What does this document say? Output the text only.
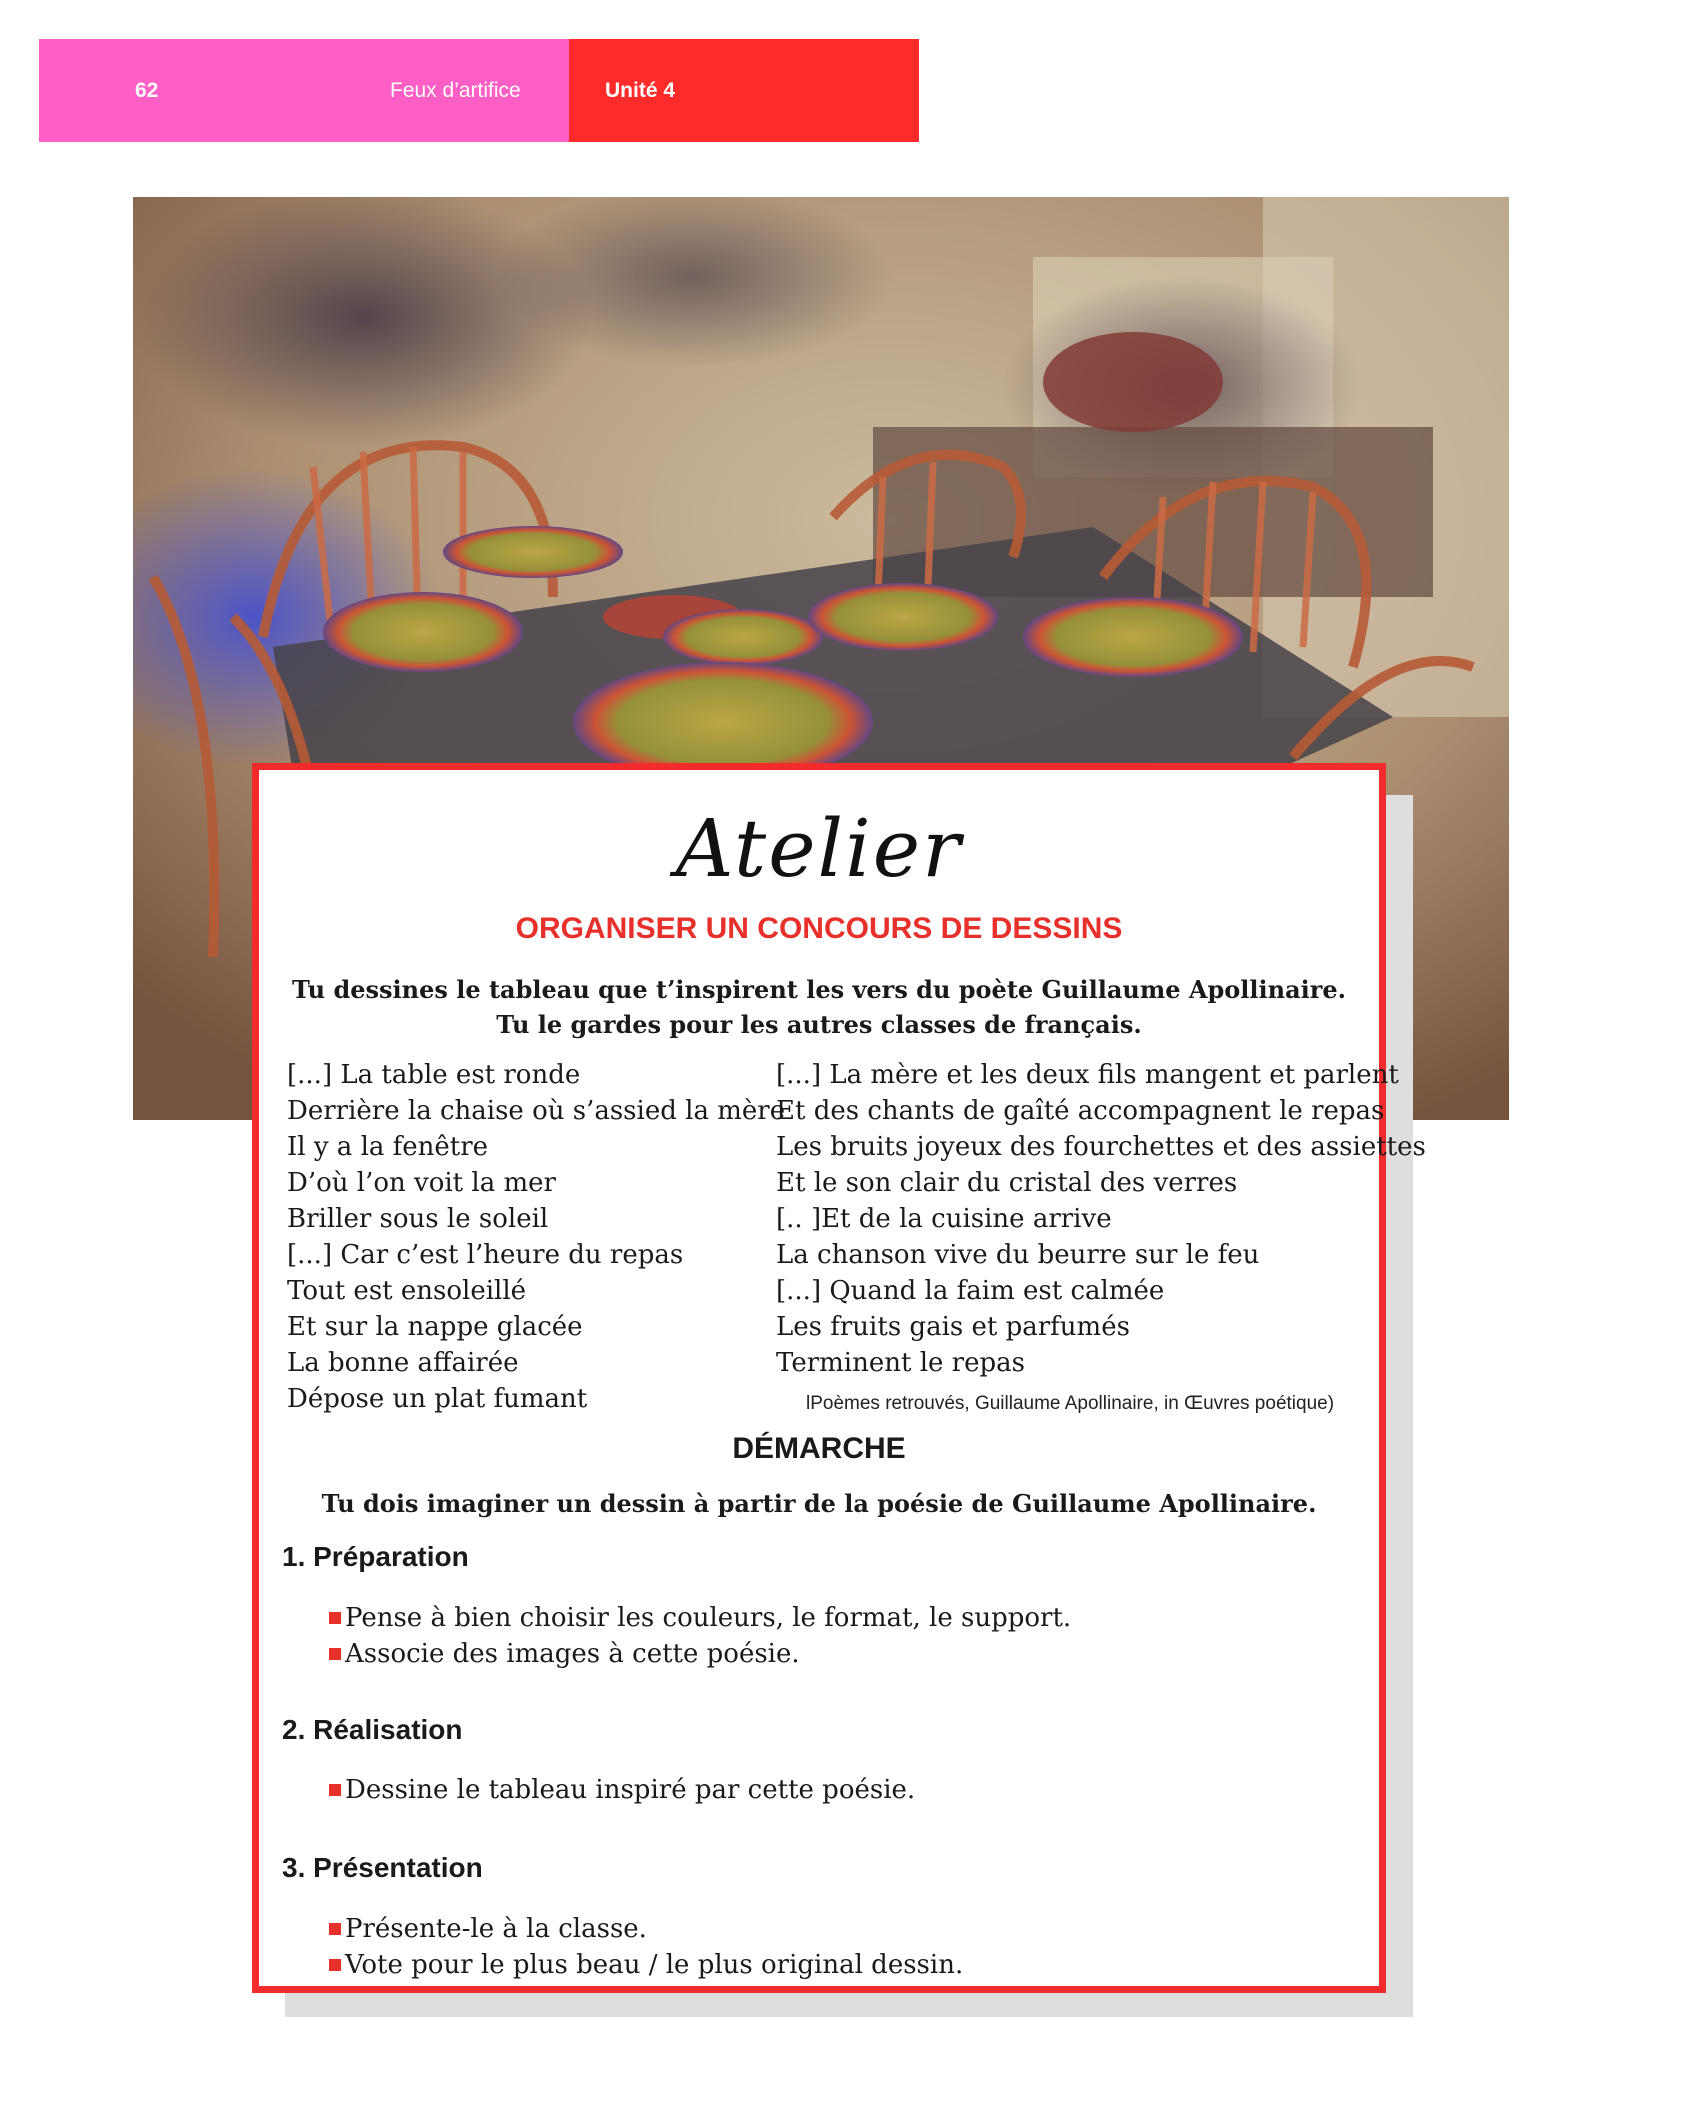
62	Feux d’artifice	Unité 4
Atelier
ORGANISER UN CONCOURS DE DESSINS
Tu dessines le tableau que t’inspirent les vers du poète Guillaume Apollinaire.
Tu le gardes pour les autres classes de français.
[...] La table est ronde
Derrière la chaise où s’assied la mère
Il y a la fenêtre
D’où l’on voit la mer
Briller sous le soleil
[...] Car c’est l’heure du repas
Tout est ensoleillé
Et sur la nappe glacée
La bonne affairée
Dépose un plat fumant
[...] La mère et les deux fils mangent et parlent
Et des chants de gaîté accompagnent le repas
Les bruits joyeux des fourchettes et des assiettes
Et le son clair du cristal des verres
[.. ]Et de la cuisine arrive
La chanson vive du beurre sur le feu
[...] Quand la faim est calmée
Les fruits gais et parfumés
Terminent le repas
lPoèmes retrouvés, Guillaume Apollinaire, in Œuvres poétique)
DÉMARCHE
Tu dois imaginer un dessin à partir de la poésie de Guillaume Apollinaire.
1. Préparation
Pense à bien choisir les couleurs, le format, le support.
Associe des images à cette poésie.
2. Réalisation
Dessine le tableau inspiré par cette poésie.
3. Présentation
Présente-le à la classe.
Vote pour le plus beau / le plus original dessin.
